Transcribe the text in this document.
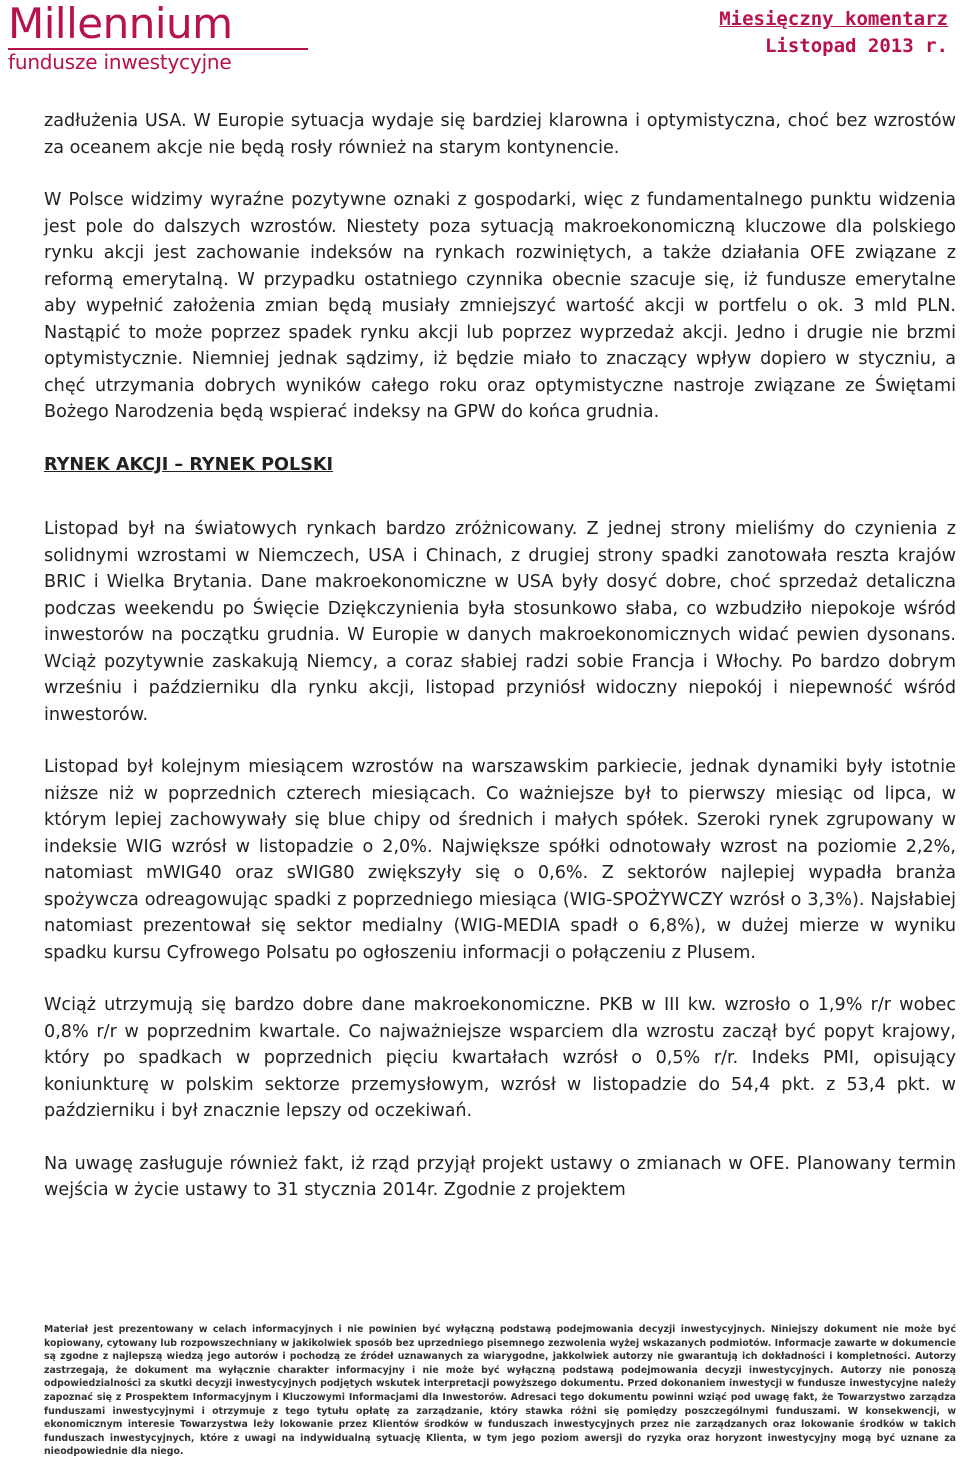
Millennium
fundusze inwestycyjne
Miesięczny komentarz
Listopad 2013 r.

zadłużenia USA. W Europie sytuacja wydaje się bardziej klarowna i optymistyczna, choć bez wzrostów za oceanem akcje nie będą rosły również na starym kontynencie.

W Polsce widzimy wyraźne pozytywne oznaki z gospodarki, więc z fundamentalnego punktu widzenia jest pole do dalszych wzrostów. Niestety poza sytuacją makroekonomiczną kluczowe dla polskiego rynku akcji jest zachowanie indeksów na rynkach rozwiniętych, a także działania OFE związane z reformą emerytalną. W przypadku ostatniego czynnika obecnie szacuje się, iż fundusze emerytalne aby wypełnić założenia zmian będą musiały zmniejszyć wartość akcji w portfelu o ok. 3 mld PLN. Nastąpić to może poprzez spadek rynku akcji lub poprzez wyprzedaż akcji. Jedno i drugie nie brzmi optymistycznie. Niemniej jednak sądzimy, iż będzie miało to znaczący wpływ dopiero w styczniu, a chęć utrzymania dobrych wyników całego roku oraz optymistyczne nastroje związane ze Świętami Bożego Narodzenia będą wspierać indeksy na GPW do końca grudnia.

RYNEK AKCJI – RYNEK POLSKI

Listopad był na światowych rynkach bardzo zróżnicowany. Z jednej strony mieliśmy do czynienia z solidnymi wzrostami w Niemczech, USA i Chinach, z drugiej strony spadki zanotowała reszta krajów BRIC i Wielka Brytania. Dane makroekonomiczne w USA były dosyć dobre, choć sprzedaż detaliczna podczas weekendu po Święcie Dziękczynienia była stosunkowo słaba, co wzbudziło niepokoje wśród inwestorów na początku grudnia. W Europie w danych makroekonomicznych widać pewien dysonans. Wciąż pozytywnie zaskakują Niemcy, a coraz słabiej radzi sobie Francja i Włochy. Po bardzo dobrym wrześniu i październiku dla rynku akcji, listopad przyniósł widoczny niepokój i niepewność wśród inwestorów.

Listopad był kolejnym miesiącem wzrostów na warszawskim parkiecie, jednak dynamiki były istotnie niższe niż w poprzednich czterech miesiącach. Co ważniejsze był to pierwszy miesiąc od lipca, w którym lepiej zachowywały się blue chipy od średnich i małych spółek. Szeroki rynek zgrupowany w indeksie WIG wzrósł w listopadzie o 2,0%. Największe spółki odnotowały wzrost na poziomie 2,2%, natomiast mWIG40 oraz sWIG80 zwiększyły się o 0,6%. Z sektorów najlepiej wypadła branża spożywcza odreagowując spadki z poprzedniego miesiąca (WIG-SPOŻYWCZY wzrósł o 3,3%). Najsłabiej natomiast prezentował się sektor medialny (WIG-MEDIA spadł o 6,8%), w dużej mierze w wyniku spadku kursu Cyfrowego Polsatu po ogłoszeniu informacji o połączeniu z Plusem.

Wciąż utrzymują się bardzo dobre dane makroekonomiczne. PKB w III kw. wzrosło o 1,9% r/r wobec 0,8% r/r w poprzednim kwartale. Co najważniejsze wsparciem dla wzrostu zaczął być popyt krajowy, który po spadkach w poprzednich pięciu kwartałach wzrósł o 0,5% r/r. Indeks PMI, opisujący koniunkturę w polskim sektorze przemysłowym, wzrósł w listopadzie do 54,4 pkt. z 53,4 pkt. w październiku i był znacznie lepszy od oczekiwań.

Na uwagę zasługuje również fakt, iż rząd przyjął projekt ustawy o zmianach w OFE. Planowany termin wejścia w życie ustawy to 31 stycznia 2014r. Zgodnie z projektem

Materiał jest prezentowany w celach informacyjnych i nie powinien być wyłączną podstawą podejmowania decyzji inwestycyjnych. Niniejszy dokument nie może być kopiowany, cytowany lub rozpowszechniany w jakikolwiek sposób bez uprzedniego pisemnego zezwolenia wyżej wskazanych podmiotów. Informacje zawarte w dokumencie są zgodne z najlepszą wiedzą jego autorów i pochodzą ze źródeł uznawanych za wiarygodne, jakkolwiek autorzy nie gwarantują ich dokładności i kompletności. Autorzy zastrzegają, że dokument ma wyłącznie charakter informacyjny i nie może być wyłączną podstawą podejmowania decyzji inwestycyjnych. Autorzy nie ponoszą odpowiedzialności za skutki decyzji inwestycyjnych podjętych wskutek interpretacji powyższego dokumentu. Przed dokonaniem inwestycji w fundusze inwestycyjne należy zapoznać się z Prospektem Informacyjnym i Kluczowymi Informacjami dla Inwestorów. Adresaci tego dokumentu powinni wziąć pod uwagę fakt, że Towarzystwo zarządza funduszami inwestycyjnymi i otrzymuje z tego tytułu opłatę za zarządzanie, który stawka różni się pomiędzy poszczególnymi funduszami. W konsekwencji, w ekonomicznym interesie Towarzystwa leży lokowanie przez Klientów środków w funduszach inwestycyjnych przez nie zarządzanych oraz lokowanie środków w takich funduszach inwestycyjnych, które z uwagi na indywidualną sytuację Klienta, w tym jego poziom awersji do ryzyka oraz horyzont inwestycyjny mogą być uznane za nieodpowiednie dla niego.
